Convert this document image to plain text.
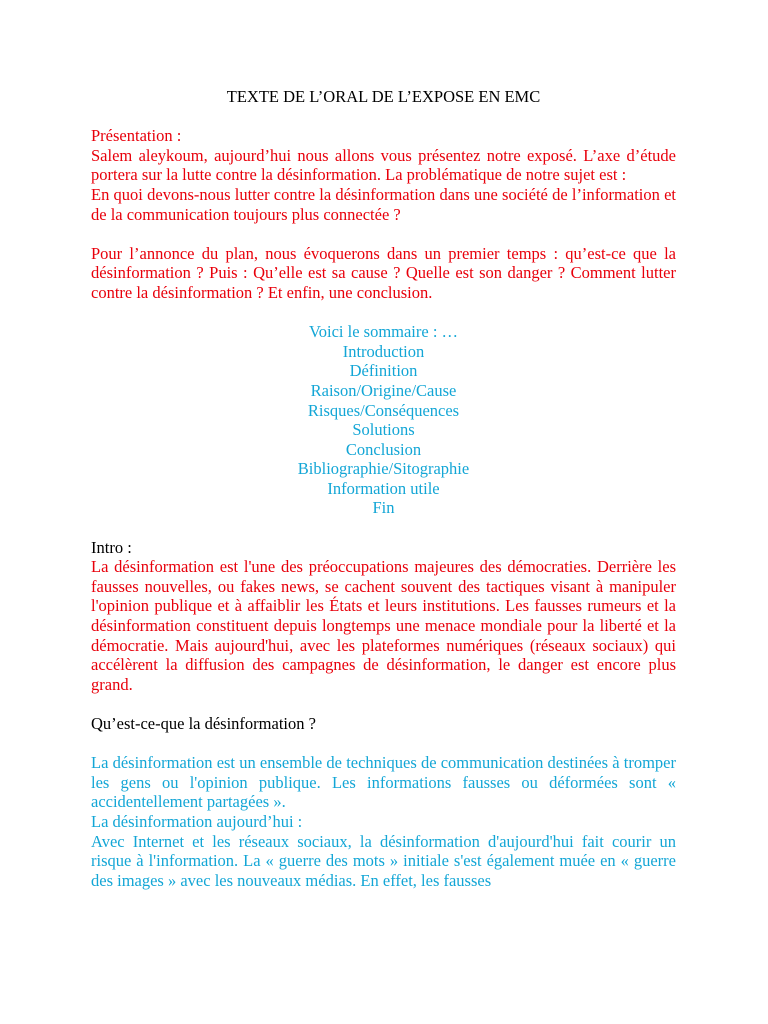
TEXTE DE L’ORAL DE L’EXPOSE EN EMC

Présentation :

Salem aleykoum, aujourd’hui nous allons vous présentez notre exposé. L’axe d’étude portera sur la lutte contre la désinformation. La problématique de notre sujet est :

En quoi devons-nous lutter contre la désinformation dans une société de l’information et de la communication toujours plus connectée ?

Pour l’annonce du plan, nous évoquerons dans un premier temps : qu’est-ce que la désinformation ? Puis : Qu’elle est sa cause ? Quelle est son danger ? Comment lutter contre la désinformation ? Et enfin, une conclusion.

Voici le sommaire : …
Introduction
Définition
Raison/Origine/Cause
Risques/Conséquences
Solutions
Conclusion
Bibliographie/Sitographie
Information utile
Fin

Intro :

La désinformation est l'une des préoccupations majeures des démocraties. Derrière les fausses nouvelles, ou fakes news, se cachent souvent des tactiques visant à manipuler l'opinion publique et à affaiblir les États et leurs institutions. Les fausses rumeurs et la désinformation constituent depuis longtemps une menace mondiale pour la liberté et la démocratie. Mais aujourd'hui, avec les plateformes numériques (réseaux sociaux) qui accélèrent la diffusion des campagnes de désinformation, le danger est encore plus grand.

Qu’est-ce-que la désinformation ?

La désinformation est un ensemble de techniques de communication destinées à tromper les gens ou l'opinion publique. Les informations fausses ou déformées sont « accidentellement partagées ».

La désinformation aujourd’hui :

Avec Internet et les réseaux sociaux, la désinformation d'aujourd'hui fait courir un risque à l'information. La « guerre des mots » initiale s'est également muée en « guerre des images » avec les nouveaux médias. En effet, les fausses
